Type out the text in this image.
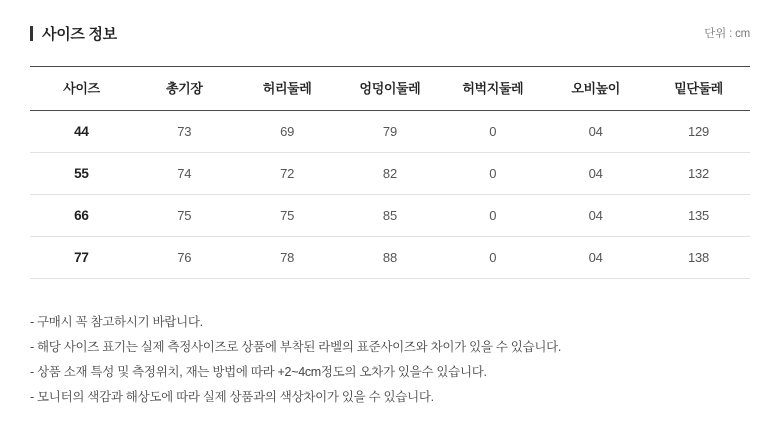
사이즈 정보	단위 : cm
사이즈	총기장	허리둘레	엉덩이둘레	허벅지둘레	오비높이	밑단둘레
44	73	69	79	0	04	129
55	74	72	82	0	04	132
66	75	75	85	0	04	135
77	76	78	88	0	04	138
- 구매시 꼭 참고하시기 바랍니다.
- 해당 사이즈 표기는 실제 측정사이즈로 상품에 부착된 라벨의 표준사이즈와 차이가 있을 수 있습니다.
- 상품 소재 특성 및 측정위치, 재는 방법에 따라 +2~4cm정도의 오차가 있을수 있습니다.
- 모니터의 색감과 해상도에 따라 실제 상품과의 색상차이가 있을 수 있습니다.
